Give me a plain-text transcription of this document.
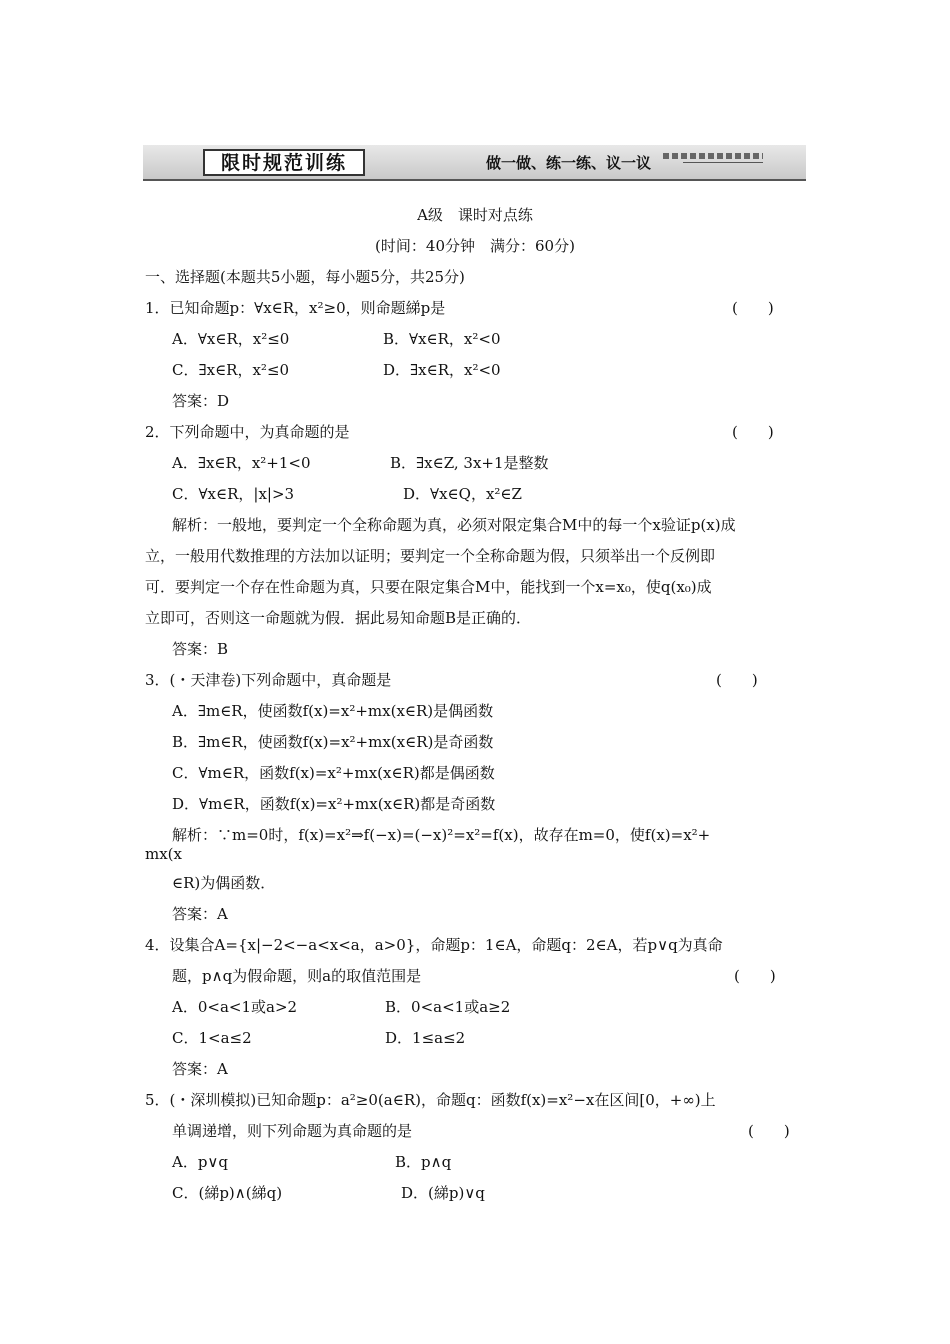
限时规范训练	做一做、练一练、议一议
A级　课时对点练
(时间：40分钟　满分：60分)
一、选择题(本题共5小题，每小题5分，共25分)
1．已知命题p：∀x∈R，x²≥0，则命题綈p是	(　　)
A．∀x∈R，x²≤0	B．∀x∈R，x²<0
C．∃x∈R，x²≤0	D．∃x∈R，x²<0
答案：D
2．下列命题中，为真命题的是	(　　)
A．∃x∈R，x²+1<0	B．∃x∈Z, 3x+1是整数
C．∀x∈R，|x|>3	D．∀x∈Q，x²∈Z
解析：一般地，要判定一个全称命题为真，必须对限定集合M中的每一个x验证p(x)成
立，一般用代数推理的方法加以证明；要判定一个全称命题为假，只须举出一个反例即
可．要判定一个存在性命题为真，只要在限定集合M中，能找到一个x=x₀，使q(x₀)成
立即可，否则这一命题就为假．据此易知命题B是正确的．
答案：B
3．(・天津卷)下列命题中，真命题是	(　　)
A．∃m∈R，使函数f(x)=x²+mx(x∈R)是偶函数
B．∃m∈R，使函数f(x)=x²+mx(x∈R)是奇函数
C．∀m∈R，函数f(x)=x²+mx(x∈R)都是偶函数
D．∀m∈R，函数f(x)=x²+mx(x∈R)都是奇函数
解析：∵m=0时，f(x)=x²⇒f(−x)=(−x)²=x²=f(x)，故存在m=0，使f(x)=x²+
mx(x
∈R)为偶函数．
答案：A
4．设集合A={x|−2<−a<x<a，a>0}，命题p：1∈A，命题q：2∈A，若p∨q为真命
题，p∧q为假命题，则a的取值范围是	(　　)
A．0<a<1或a>2	B．0<a<1或a≥2
C．1<a≤2	D．1≤a≤2
答案：A
5．(・深圳模拟)已知命题p：a²≥0(a∈R)，命题q：函数f(x)=x²−x在区间[0，+∞)上
单调递增，则下列命题为真命题的是	(　　)
A．p∨q	B．p∧q
C．(綈p)∧(綈q)	D．(綈p)∨q
